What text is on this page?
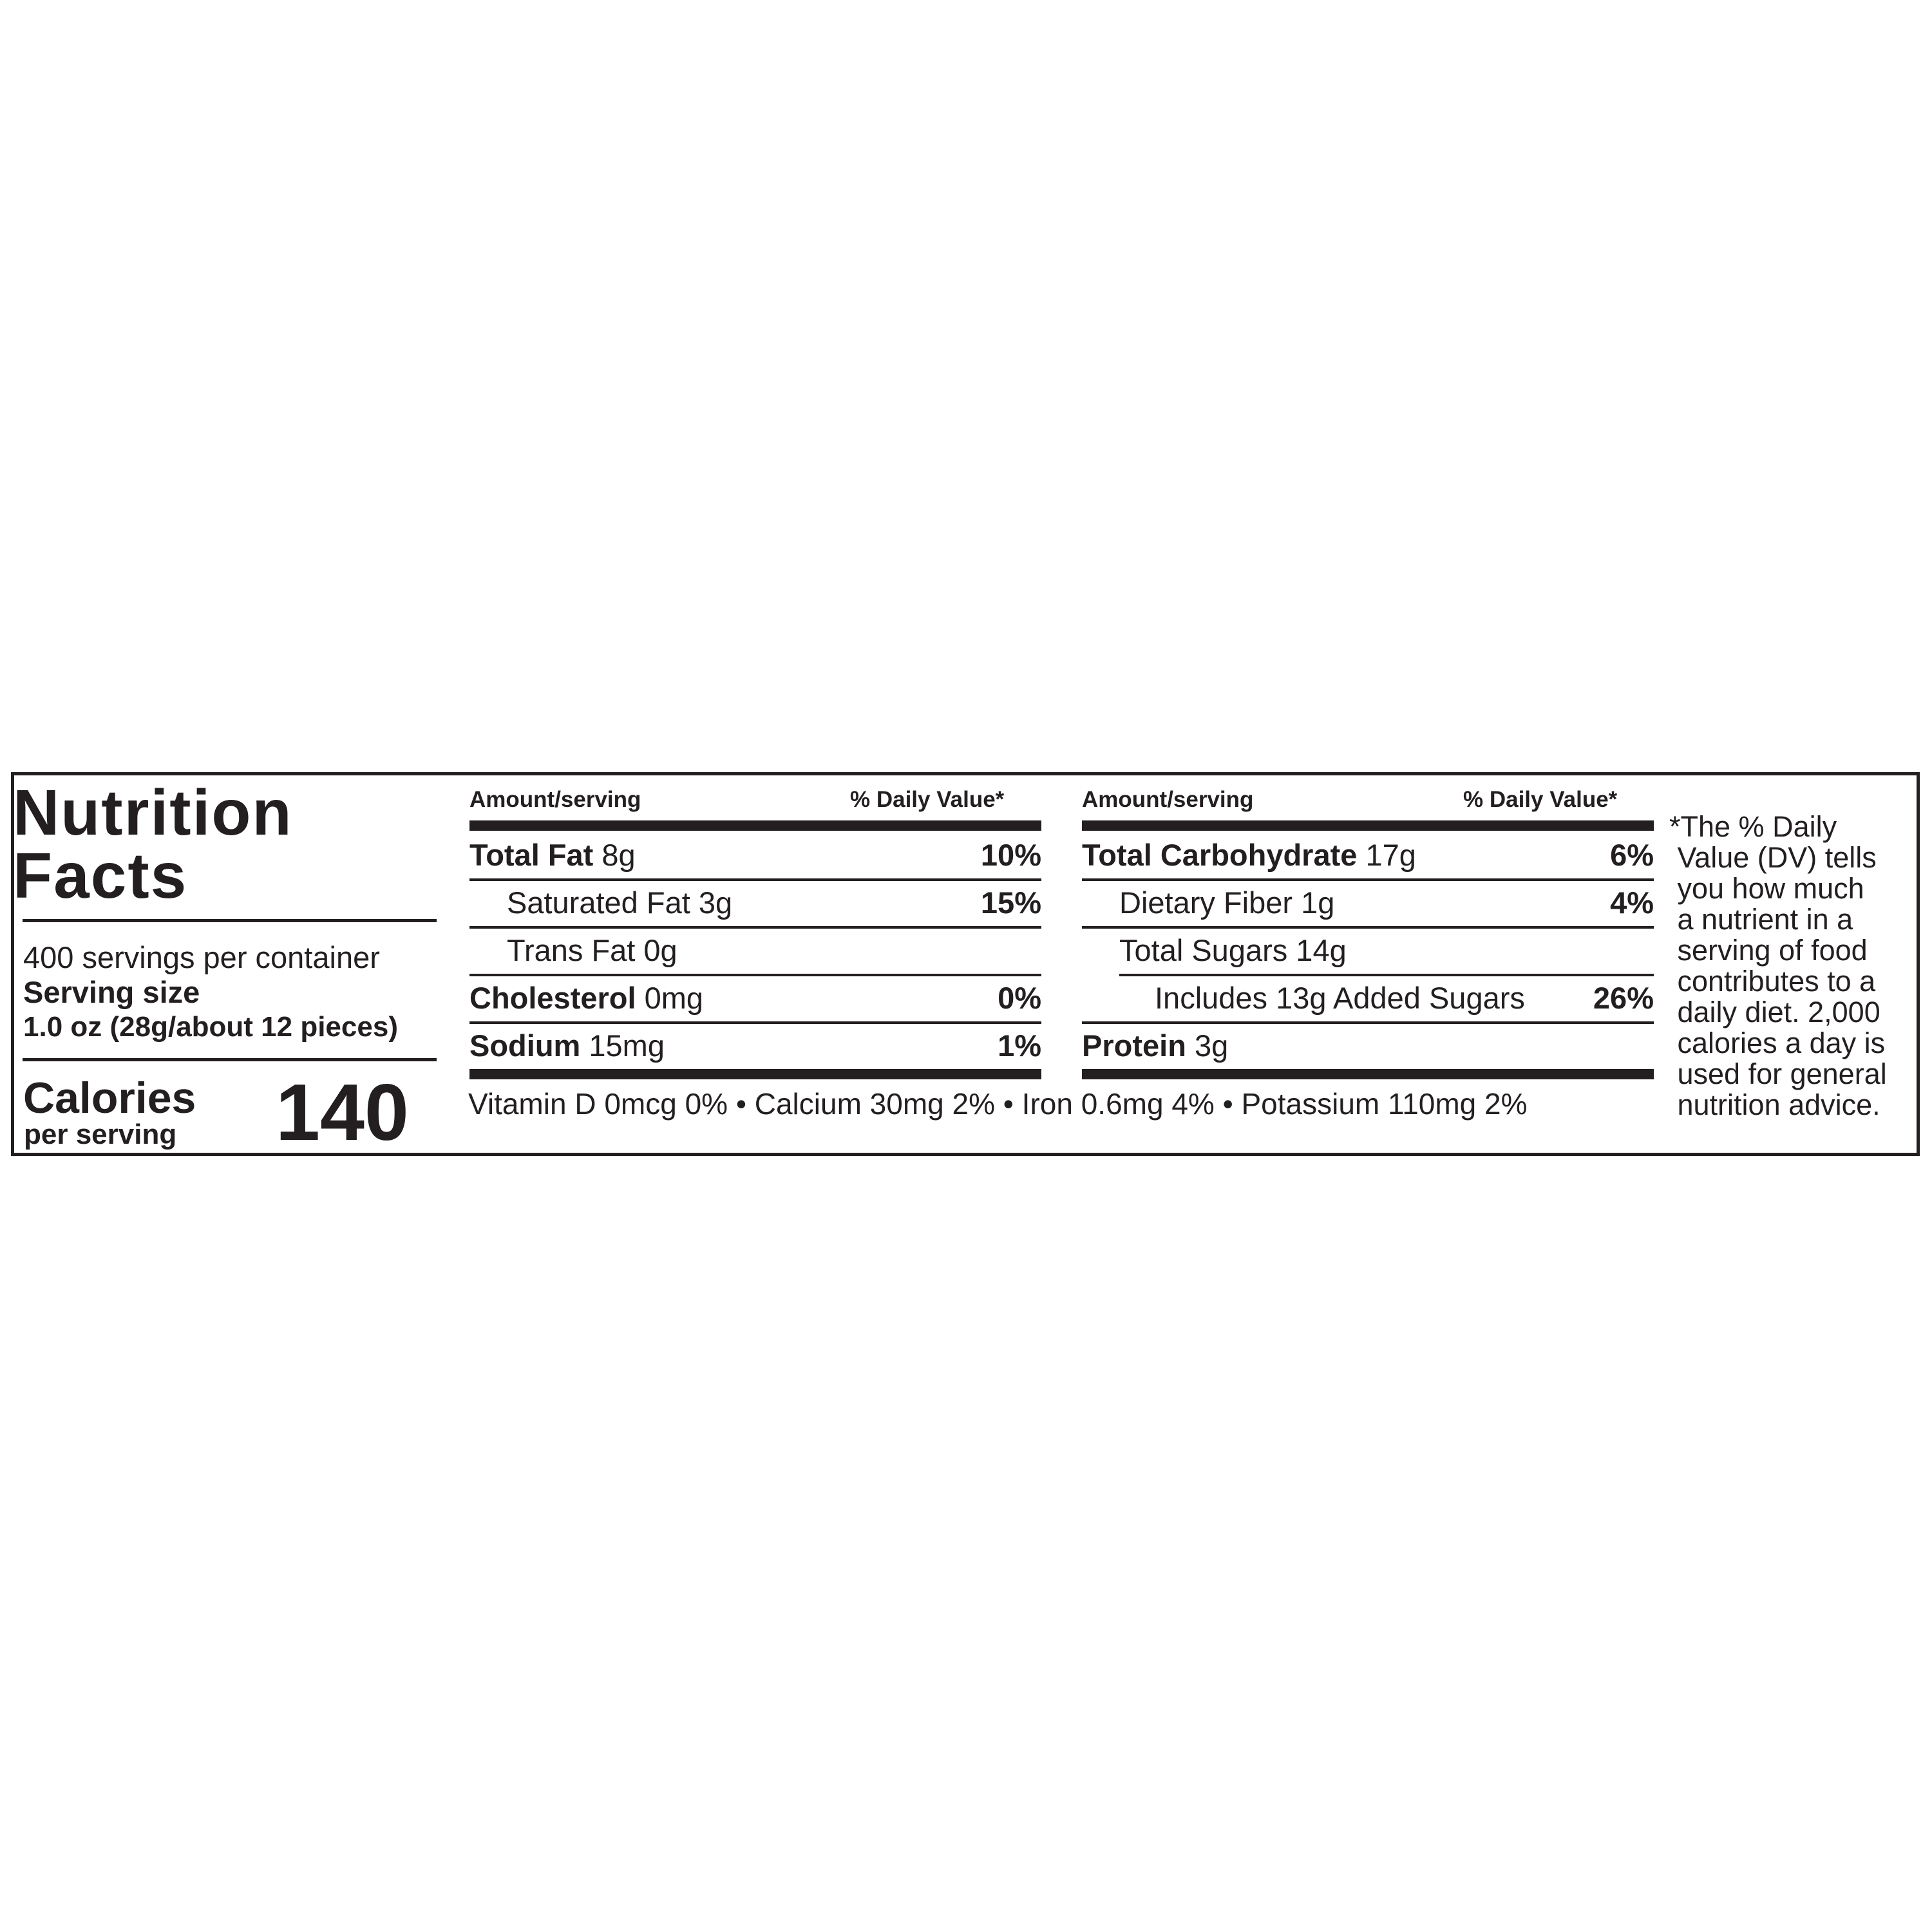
Nutrition
Facts
400 servings per container
Serving size
1.0 oz (28g/about 12 pieces)
Calories
per serving 140
Amount/serving	% Daily Value*
Total Fat 8g	10%
Saturated Fat 3g	15%
Trans Fat 0g
Cholesterol 0mg	0%
Sodium 15mg	1%
Amount/serving	% Daily Value*
Total Carbohydrate 17g	6%
Dietary Fiber 1g	4%
Total Sugars 14g
Includes 13g Added Sugars	26%
Protein 3g
Vitamin D 0mcg 0% • Calcium 30mg 2% • Iron 0.6mg 4% • Potassium 110mg 2%
*The % Daily
Value (DV) tells
you how much
a nutrient in a
serving of food
contributes to a
daily diet. 2,000
calories a day is
used for general
nutrition advice.
